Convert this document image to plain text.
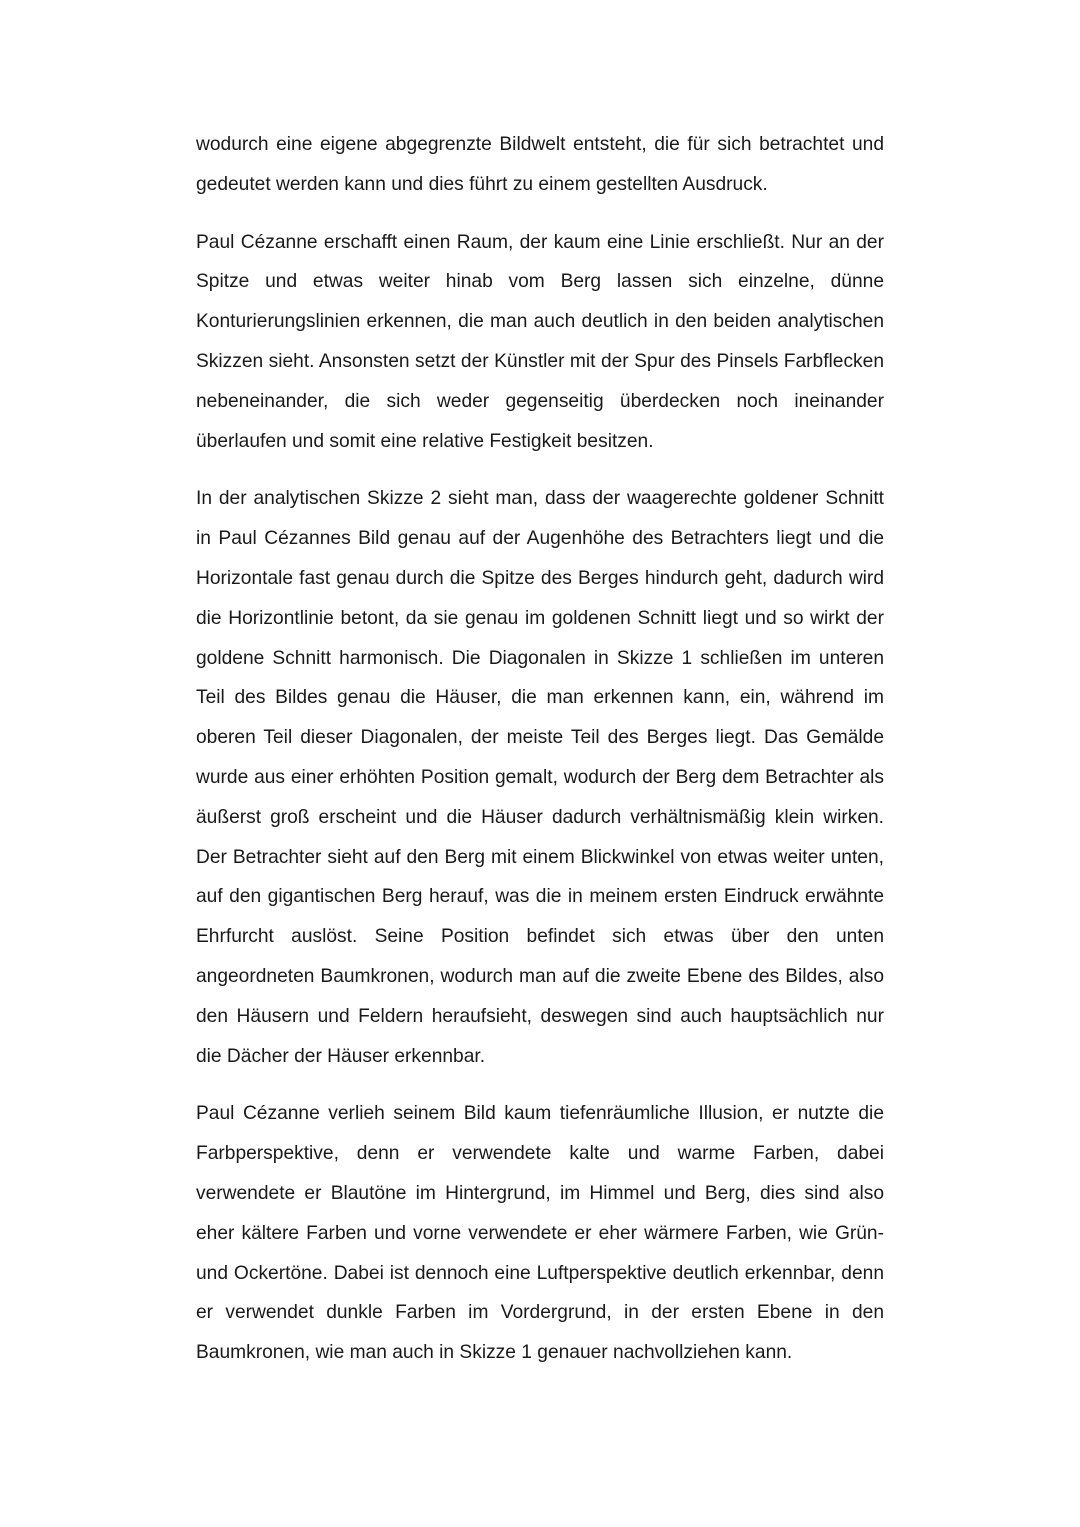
wodurch eine eigene abgegrenzte Bildwelt entsteht, die für sich betrachtet und gedeutet werden kann und dies führt zu einem gestellten Ausdruck.

Paul Cézanne erschafft einen Raum, der kaum eine Linie erschließt. Nur an der Spitze und etwas weiter hinab vom Berg lassen sich einzelne, dünne Konturierungslinien erkennen, die man auch deutlich in den beiden analytischen Skizzen sieht. Ansonsten setzt der Künstler mit der Spur des Pinsels Farbflecken nebeneinander, die sich weder gegenseitig überdecken noch ineinander überlaufen und somit eine relative Festigkeit besitzen.

In der analytischen Skizze 2 sieht man, dass der waagerechte goldener Schnitt in Paul Cézannes Bild genau auf der Augenhöhe des Betrachters liegt und die Horizontale fast genau durch die Spitze des Berges hindurch geht, dadurch wird die Horizontlinie betont, da sie genau im goldenen Schnitt liegt und so wirkt der goldene Schnitt harmonisch. Die Diagonalen in Skizze 1 schließen im unteren Teil des Bildes genau die Häuser, die man erkennen kann, ein, während im oberen Teil dieser Diagonalen, der meiste Teil des Berges liegt. Das Gemälde wurde aus einer erhöhten Position gemalt, wodurch der Berg dem Betrachter als äußerst groß erscheint und die Häuser dadurch verhältnismäßig klein wirken. Der Betrachter sieht auf den Berg mit einem Blickwinkel von etwas weiter unten, auf den gigantischen Berg herauf, was die in meinem ersten Eindruck erwähnte Ehrfurcht auslöst. Seine Position befindet sich etwas über den unten angeordneten Baumkronen, wodurch man auf die zweite Ebene des Bildes, also den Häusern und Feldern heraufsieht, deswegen sind auch hauptsächlich nur die Dächer der Häuser erkennbar.

Paul Cézanne verlieh seinem Bild kaum tiefenräumliche Illusion, er nutzte die Farbperspektive, denn er verwendete kalte und warme Farben, dabei verwendete er Blautöne im Hintergrund, im Himmel und Berg, dies sind also eher kältere Farben und vorne verwendete er eher wärmere Farben, wie Grün- und Ockertöne. Dabei ist dennoch eine Luftperspektive deutlich erkennbar, denn er verwendet dunkle Farben im Vordergrund, in der ersten Ebene in den Baumkronen, wie man auch in Skizze 1 genauer nachvollziehen kann.
